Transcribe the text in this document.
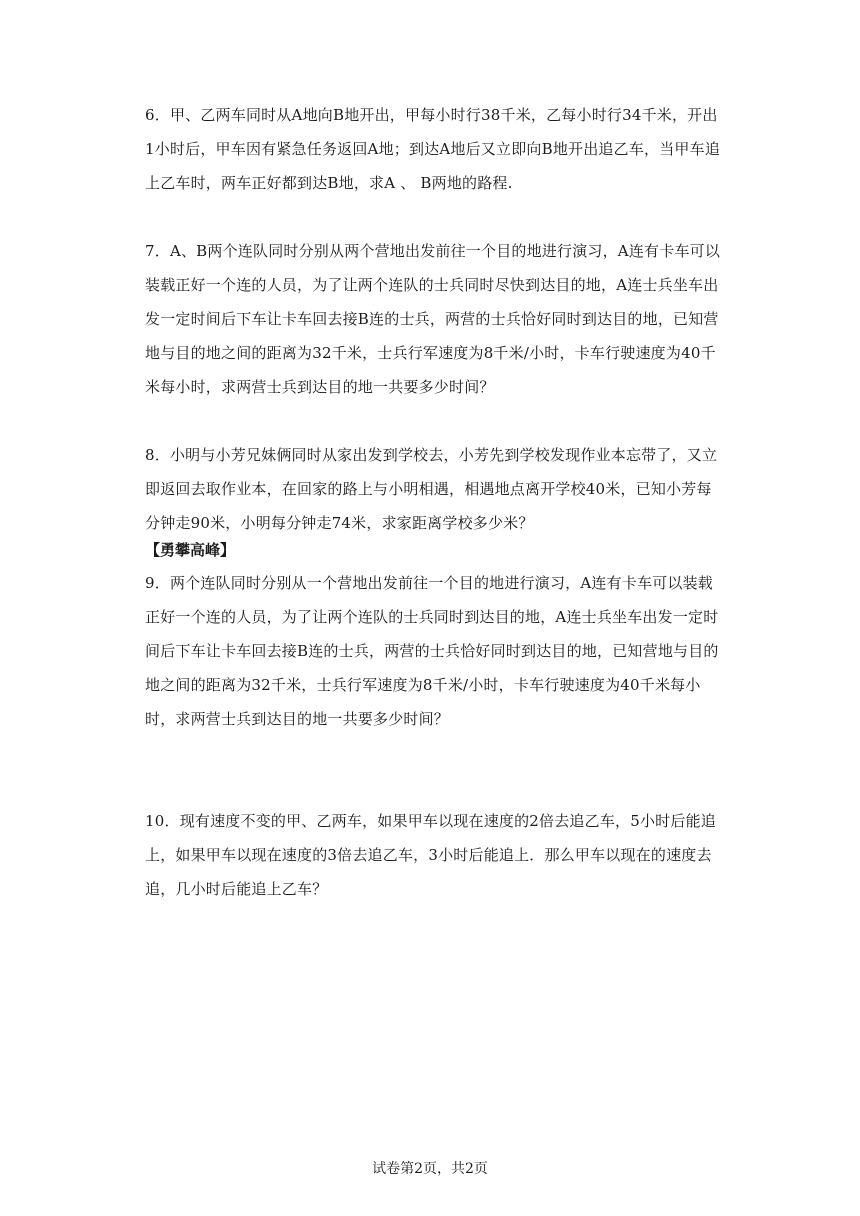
6．甲、乙两车同时从A地向B地开出，甲每小时行38千米，乙每小时行34千米，开出1小时后，甲车因有紧急任务返回A地；到达A地后又立即向B地开出追乙车，当甲车追上乙车时，两车正好都到达B地，求A 、 B两地的路程.
7．A、B两个连队同时分别从两个营地出发前往一个目的地进行演习，A连有卡车可以装载正好一个连的人员，为了让两个连队的士兵同时尽快到达目的地，A连士兵坐车出发一定时间后下车让卡车回去接B连的士兵，两营的士兵恰好同时到达目的地，已知营地与目的地之间的距离为32千米，士兵行军速度为8千米/小时，卡车行驶速度为40千米每小时，求两营士兵到达目的地一共要多少时间？
8．小明与小芳兄妹俩同时从家出发到学校去，小芳先到学校发现作业本忘带了，又立即返回去取作业本，在回家的路上与小明相遇，相遇地点离开学校40米，已知小芳每分钟走90米，小明每分钟走74米，求家距离学校多少米？
【勇攀高峰】
9．两个连队同时分别从一个营地出发前往一个目的地进行演习，A连有卡车可以装载正好一个连的人员，为了让两个连队的士兵同时到达目的地，A连士兵坐车出发一定时间后下车让卡车回去接B连的士兵，两营的士兵恰好同时到达目的地，已知营地与目的地之间的距离为32千米，士兵行军速度为8千米/小时，卡车行驶速度为40千米每小时，求两营士兵到达目的地一共要多少时间？
10．现有速度不变的甲、乙两车，如果甲车以现在速度的2倍去追乙车，5小时后能追上，如果甲车以现在速度的3倍去追乙车，3小时后能追上．那么甲车以现在的速度去追，几小时后能追上乙车？
试卷第2页，共2页
